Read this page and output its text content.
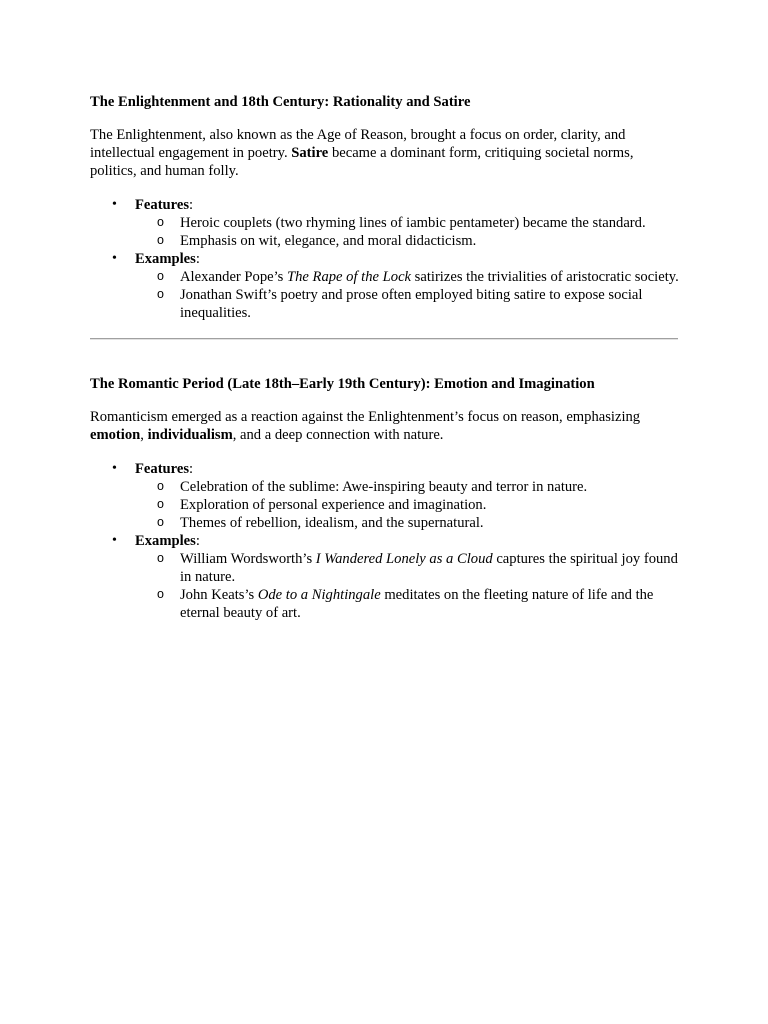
The Enlightenment and 18th Century: Rationality and Satire

The Enlightenment, also known as the Age of Reason, brought a focus on order, clarity, and intellectual engagement in poetry. Satire became a dominant form, critiquing societal norms, politics, and human folly.

• Features:
o Heroic couplets (two rhyming lines of iambic pentameter) became the standard.
o Emphasis on wit, elegance, and moral didacticism.
• Examples:
o Alexander Pope’s The Rape of the Lock satirizes the trivialities of aristocratic society.
o Jonathan Swift’s poetry and prose often employed biting satire to expose social inequalities.

The Romantic Period (Late 18th–Early 19th Century): Emotion and Imagination

Romanticism emerged as a reaction against the Enlightenment’s focus on reason, emphasizing emotion, individualism, and a deep connection with nature.

• Features:
o Celebration of the sublime: Awe-inspiring beauty and terror in nature.
o Exploration of personal experience and imagination.
o Themes of rebellion, idealism, and the supernatural.
• Examples:
o William Wordsworth’s I Wandered Lonely as a Cloud captures the spiritual joy found in nature.
o John Keats’s Ode to a Nightingale meditates on the fleeting nature of life and the eternal beauty of art.
